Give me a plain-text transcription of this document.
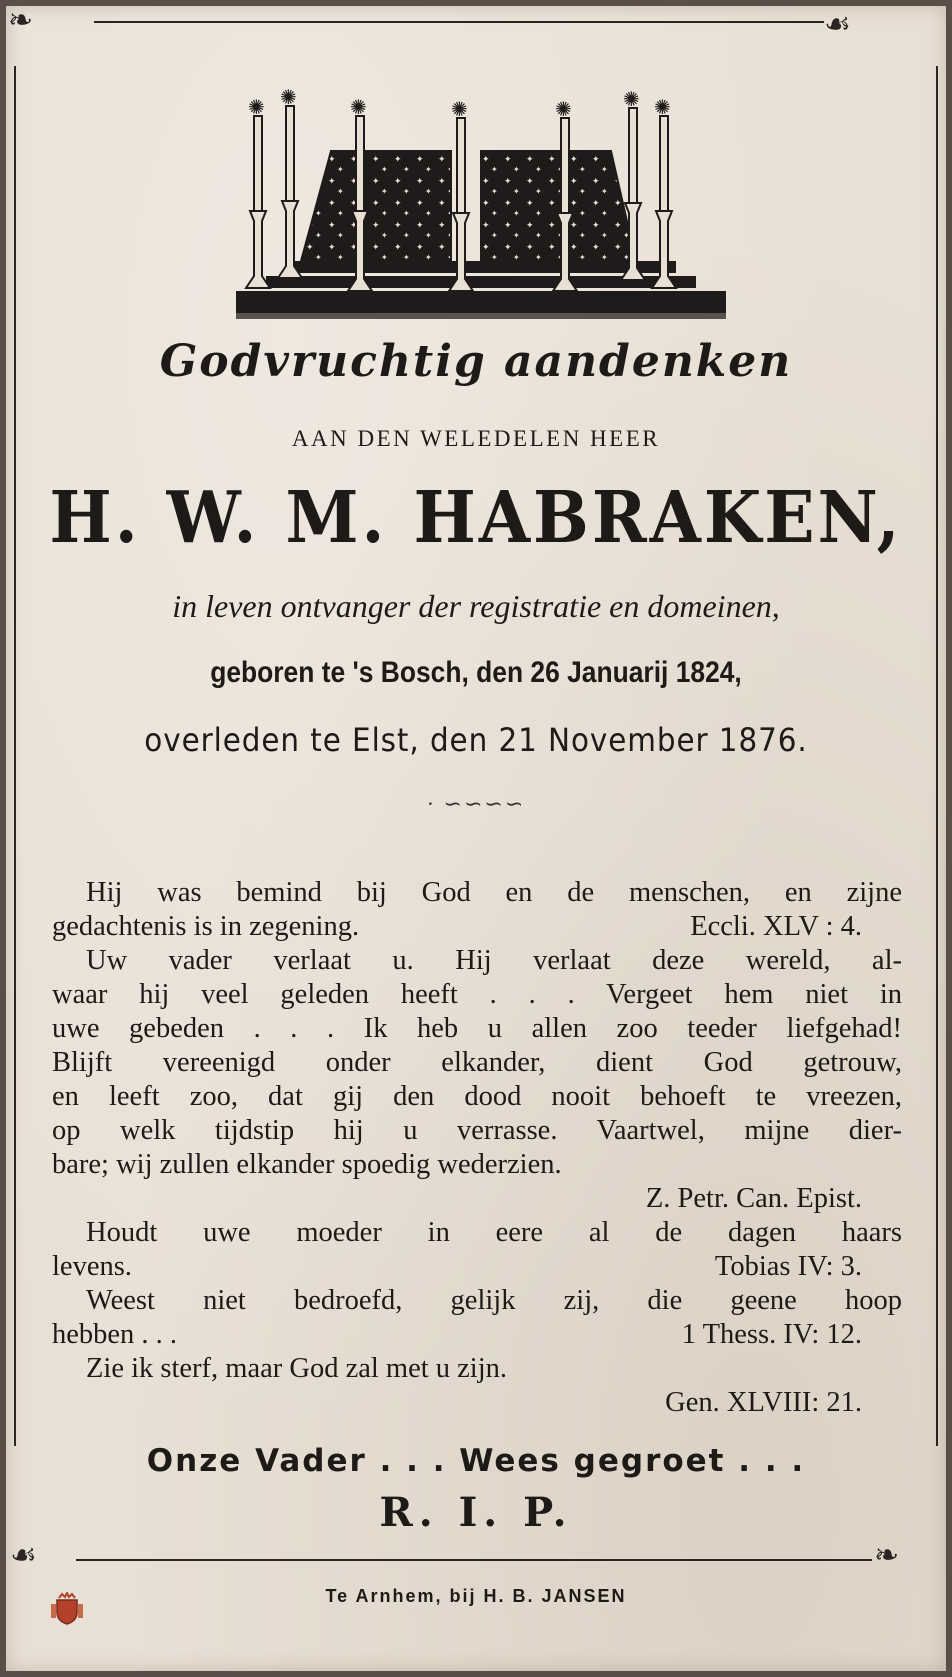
❧	☙
☙	❧
✺ ✺	✺	✺	✺	✺ ✺
Godvruchtig aandenken
AAN DEN WELEDELEN HEER
H. W. M. HABRAKEN,
in leven ontvanger der registratie en domeinen,
geboren te 's Bosch, den 26 Januarij 1824,
overleden te Elst, den 21 November 1876.
· ∽∽∽∽
Hij was bemind bij God en de menschen, en zijne
gedachtenis is in zegening.	Eccli. XLV : 4.
Uw vader verlaat u. Hij verlaat deze wereld, al-
waar hij veel geleden heeft . . . Vergeet hem niet in
uwe gebeden . . . Ik heb u allen zoo teeder liefgehad!
Blijft vereenigd onder elkander, dient God getrouw,
en leeft zoo, dat gij den dood nooit behoeft te vreezen,
op welk tijdstip hij u verrasse. Vaartwel, mijne dier-
bare; wij zullen elkander spoedig wederzien.
Z. Petr. Can. Epist.
Houdt uwe moeder in eere al de dagen haars
levens.	Tobias IV: 3.
Weest niet bedroefd, gelijk zij, die geene hoop
hebben . . .	1 Thess. IV: 12.
Zie ik sterf, maar God zal met u zijn.
Gen. XLVIII: 21.
Onze Vader . . . Wees gegroet . . .
R. I. P.
Te Arnhem, bij H. B. JANSEN
